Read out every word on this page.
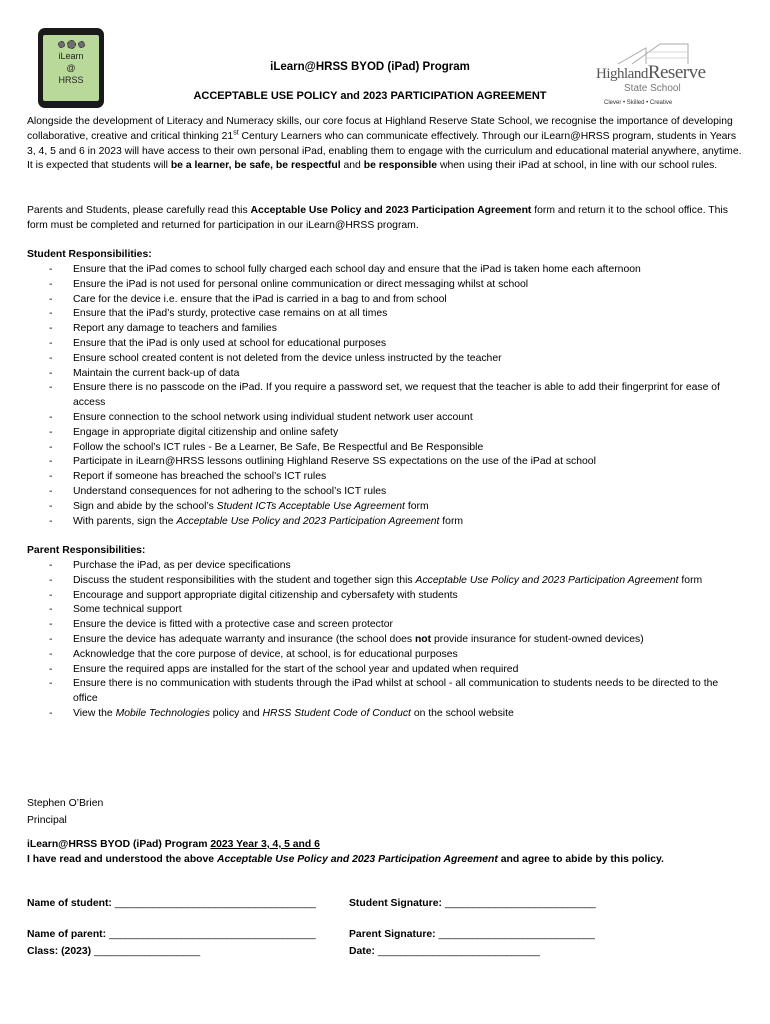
iLearn
@
HRSS
iLearn@HRSS BYOD (iPad) Program
ACCEPTABLE USE POLICY and 2023 PARTICIPATION AGREEMENT
HighlandReserve
State School
Clever • Skilled • Creative
Alongside the development of Literacy and Numeracy skills, our core focus at Highland Reserve State School, we recognise the importance of developing collaborative, creative and critical thinking 21st Century Learners who can communicate effectively. Through our iLearn@HRSS program, students in Years 3, 4, 5 and 6 in 2023 will have access to their own personal iPad, enabling them to engage with the curriculum and educational material anywhere, anytime. It is expected that students will be a learner, be safe, be respectful and be responsible when using their iPad at school, in line with our school rules.
Parents and Students, please carefully read this Acceptable Use Policy and 2023 Participation Agreement form and return it to the school office. This form must be completed and returned for participation in our iLearn@HRSS program.
Student Responsibilities:
- Ensure that the iPad comes to school fully charged each school day and ensure that the iPad is taken home each afternoon
- Ensure the iPad is not used for personal online communication or direct messaging whilst at school
- Care for the device i.e. ensure that the iPad is carried in a bag to and from school
- Ensure that the iPad’s sturdy, protective case remains on at all times
- Report any damage to teachers and families
- Ensure that the iPad is only used at school for educational purposes
- Ensure school created content is not deleted from the device unless instructed by the teacher
- Maintain the current back-up of data
- Ensure there is no passcode on the iPad. If you require a password set, we request that the teacher is able to add their fingerprint for ease of access
- Ensure connection to the school network using individual student network user account
- Engage in appropriate digital citizenship and online safety
- Follow the school’s ICT rules - Be a Learner, Be Safe, Be Respectful and Be Responsible
- Participate in iLearn@HRSS lessons outlining Highland Reserve SS expectations on the use of the iPad at school
- Report if someone has breached the school’s ICT rules
- Understand consequences for not adhering to the school’s ICT rules
- Sign and abide by the school’s Student ICTs Acceptable Use Agreement form
- With parents, sign the Acceptable Use Policy and 2023 Participation Agreement form
Parent Responsibilities:
- Purchase the iPad, as per device specifications
- Discuss the student responsibilities with the student and together sign this Acceptable Use Policy and 2023 Participation Agreement form
- Encourage and support appropriate digital citizenship and cybersafety with students
- Some technical support
- Ensure the device is fitted with a protective case and screen protector
- Ensure the device has adequate warranty and insurance (the school does not provide insurance for student-owned devices)
- Acknowledge that the core purpose of device, at school, is for educational purposes
- Ensure the required apps are installed for the start of the school year and updated when required
- Ensure there is no communication with students through the iPad whilst at school - all communication to students needs to be directed to the office
- View the Mobile Technologies policy and HRSS Student Code of Conduct on the school website
Stephen O’Brien
Principal
iLearn@HRSS BYOD (iPad) Program 2023 Year 3, 4, 5 and 6
I have read and understood the above Acceptable Use Policy and 2023 Participation Agreement and agree to abide by this policy.
Name of student: ____________________________________	Student Signature: ___________________________
Name of parent: _____________________________________	Parent Signature: ____________________________
Class: (2023) ___________________	Date: _____________________________
